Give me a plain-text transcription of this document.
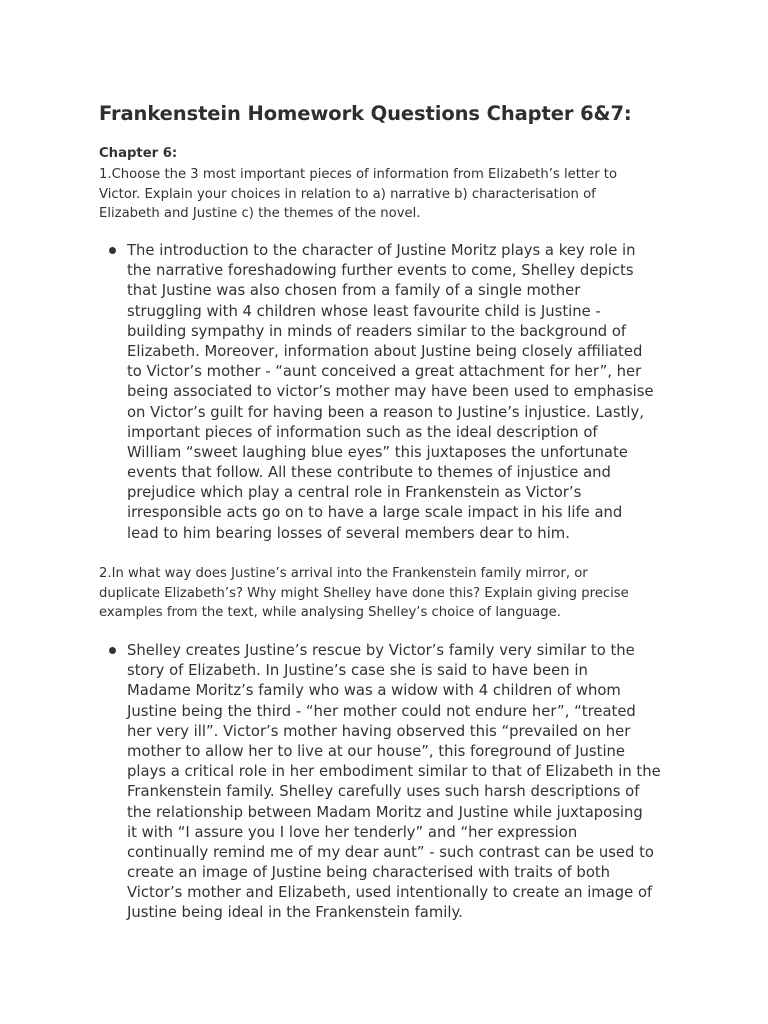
Frankenstein Homework Questions Chapter 6&7:
Chapter 6:
1.Choose the 3 most important pieces of information from Elizabeth’s letter to
Victor. Explain your choices in relation to a) narrative b) characterisation of
Elizabeth and Justine c) the themes of the novel.
The introduction to the character of Justine Moritz plays a key role in
the narrative foreshadowing further events to come, Shelley depicts
that Justine was also chosen from a family of a single mother
struggling with 4 children whose least favourite child is Justine -
building sympathy in minds of readers similar to the background of
Elizabeth. Moreover, information about Justine being closely affiliated
to Victor’s mother - “aunt conceived a great attachment for her”, her
being associated to victor’s mother may have been used to emphasise
on Victor’s guilt for having been a reason to Justine’s injustice. Lastly,
important pieces of information such as the ideal description of
William “sweet laughing blue eyes” this juxtaposes the unfortunate
events that follow. All these contribute to themes of injustice and
prejudice which play a central role in Frankenstein as Victor’s
irresponsible acts go on to have a large scale impact in his life and
lead to him bearing losses of several members dear to him.
2.In what way does Justine’s arrival into the Frankenstein family mirror, or
duplicate Elizabeth’s? Why might Shelley have done this? Explain giving precise
examples from the text, while analysing Shelley’s choice of language.
Shelley creates Justine’s rescue by Victor’s family very similar to the
story of Elizabeth. In Justine’s case she is said to have been in
Madame Moritz’s family who was a widow with 4 children of whom
Justine being the third - “her mother could not endure her”, “treated
her very ill”. Victor’s mother having observed this “prevailed on her
mother to allow her to live at our house”, this foreground of Justine
plays a critical role in her embodiment similar to that of Elizabeth in the
Frankenstein family. Shelley carefully uses such harsh descriptions of
the relationship between Madam Moritz and Justine while juxtaposing
it with “I assure you I love her tenderly” and “her expression
continually remind me of my dear aunt” - such contrast can be used to
create an image of Justine being characterised with traits of both
Victor’s mother and Elizabeth, used intentionally to create an image of
Justine being ideal in the Frankenstein family.
